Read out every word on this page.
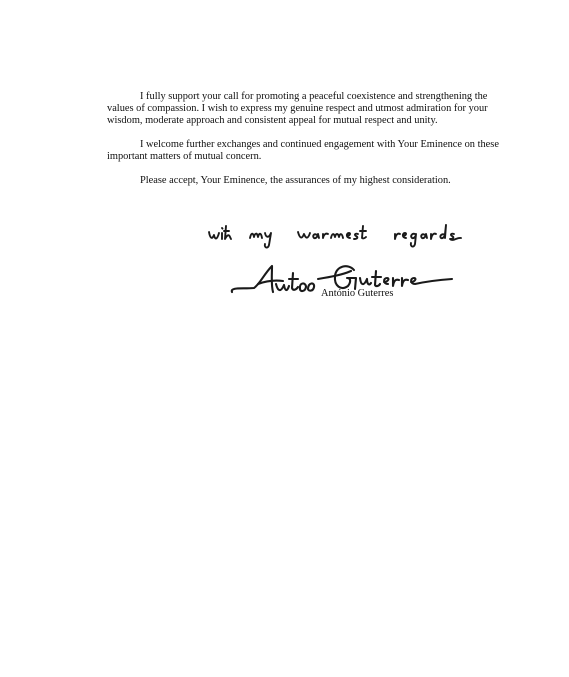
I fully support your call for promoting a peaceful coexistence and strengthening the values of compassion. I wish to express my genuine respect and utmost admiration for your wisdom, moderate approach and consistent appeal for mutual respect and unity.

I welcome further exchanges and continued engagement with Your Eminence on these important matters of mutual concern.

Please accept, Your Eminence, the assurances of my highest consideration.

António Guterres
